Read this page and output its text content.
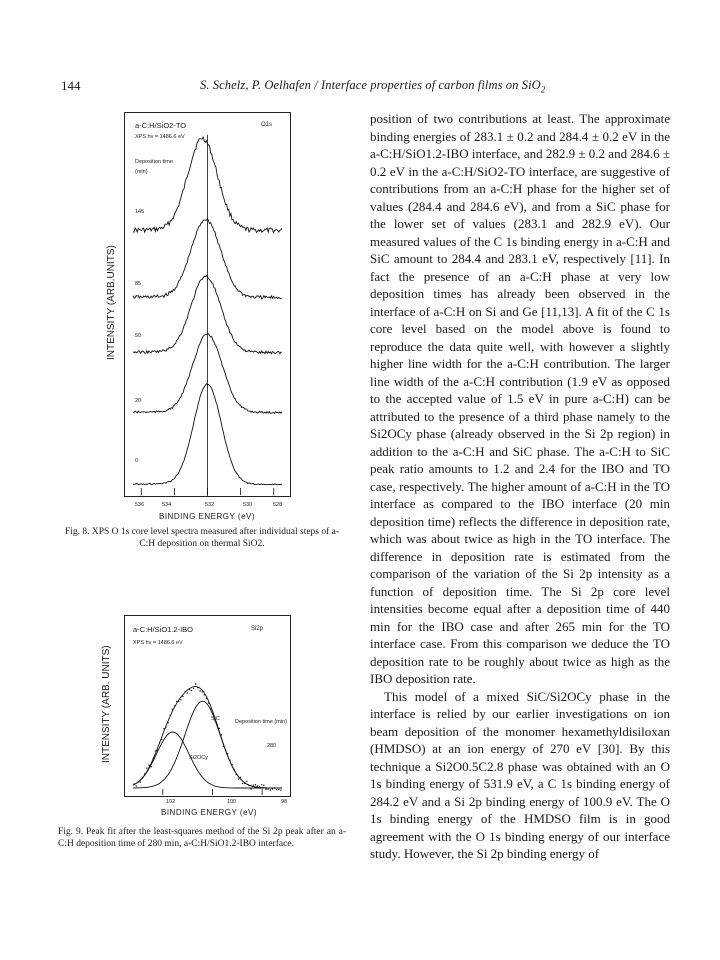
144	S. Schelz, P. Oelhafen / Interface properties of carbon films on SiO$_2$
a-C:H/SiO2-TO	O1s
XPS hv = 1486.6 eV
Deposition time
(min)
145
85
50
20
0
536	534	532	530	528
BINDING ENERGY (eV)
INTENSITY (ARB.UNITS)
Fig. 8. XPS O 1s core level spectra measured after individual steps of a-C:H deposition on thermal SiO2.
a-C:H/SiO1.2-IBO	Si2p
XPS hv = 1486.6 eV
SiC	Deposition time (min)
280
Si2OCy
102	100	98
BINDING ENERGY (eV)
INTENSITY (ARB. UNITS)
Fig. 9. Peak fit after the least-squares method of the Si 2p peak after an a-C:H deposition time of 280 min, a-C:H/SiO1.2-IBO interface.

position of two contributions at least. The approximate binding energies of 283.1 ± 0.2 and 284.4 ± 0.2 eV in the a-C:H/SiO1.2-IBO interface, and 282.9 ± 0.2 and 284.6 ± 0.2 eV in the a-C:H/SiO2-TO interface, are suggestive of contributions from an a-C:H phase for the higher set of values (284.4 and 284.6 eV), and from a SiC phase for the lower set of values (283.1 and 282.9 eV). Our measured values of the C 1s binding energy in a-C:H and SiC amount to 284.4 and 283.1 eV, respectively [11]. In fact the presence of an a-C:H phase at very low deposition times has already been observed in the interface of a-C:H on Si and Ge [11,13]. A fit of the C 1s core level based on the model above is found to reproduce the data quite well, with however a slightly higher line width for the a-C:H contribution. The larger line width of the a-C:H contribution (1.9 eV as opposed to the accepted value of 1.5 eV in pure a-C:H) can be attributed to the presence of a third phase namely to the Si2OCy phase (already observed in the Si 2p region) in addition to the a-C:H and SiC phase. The a-C:H to SiC peak ratio amounts to 1.2 and 2.4 for the IBO and TO case, respectively. The higher amount of a-C:H in the TO interface as compared to the IBO interface (20 min deposition time) reflects the difference in deposition rate, which was about twice as high in the TO interface. The difference in deposition rate is estimated from the comparison of the variation of the Si 2p intensity as a function of deposition time. The Si 2p core level intensities become equal after a deposition time of 440 min for the IBO case and after 265 min for the TO interface case. From this comparison we deduce the TO deposition rate to be roughly about twice as high as the IBO deposition rate.

This model of a mixed SiC/Si2OCy phase in the interface is relied by our earlier investigations on ion beam deposition of the monomer hexamethyldisiloxan (HMDSO) at an ion energy of 270 eV [30]. By this technique a Si2O0.5C2.8 phase was obtained with an O 1s binding energy of 531.9 eV, a C 1s binding energy of 284.2 eV and a Si 2p binding energy of 100.9 eV. The O 1s binding energy of the HMDSO film is in good agreement with the O 1s binding energy of our interface study. However, the Si 2p binding energy of
